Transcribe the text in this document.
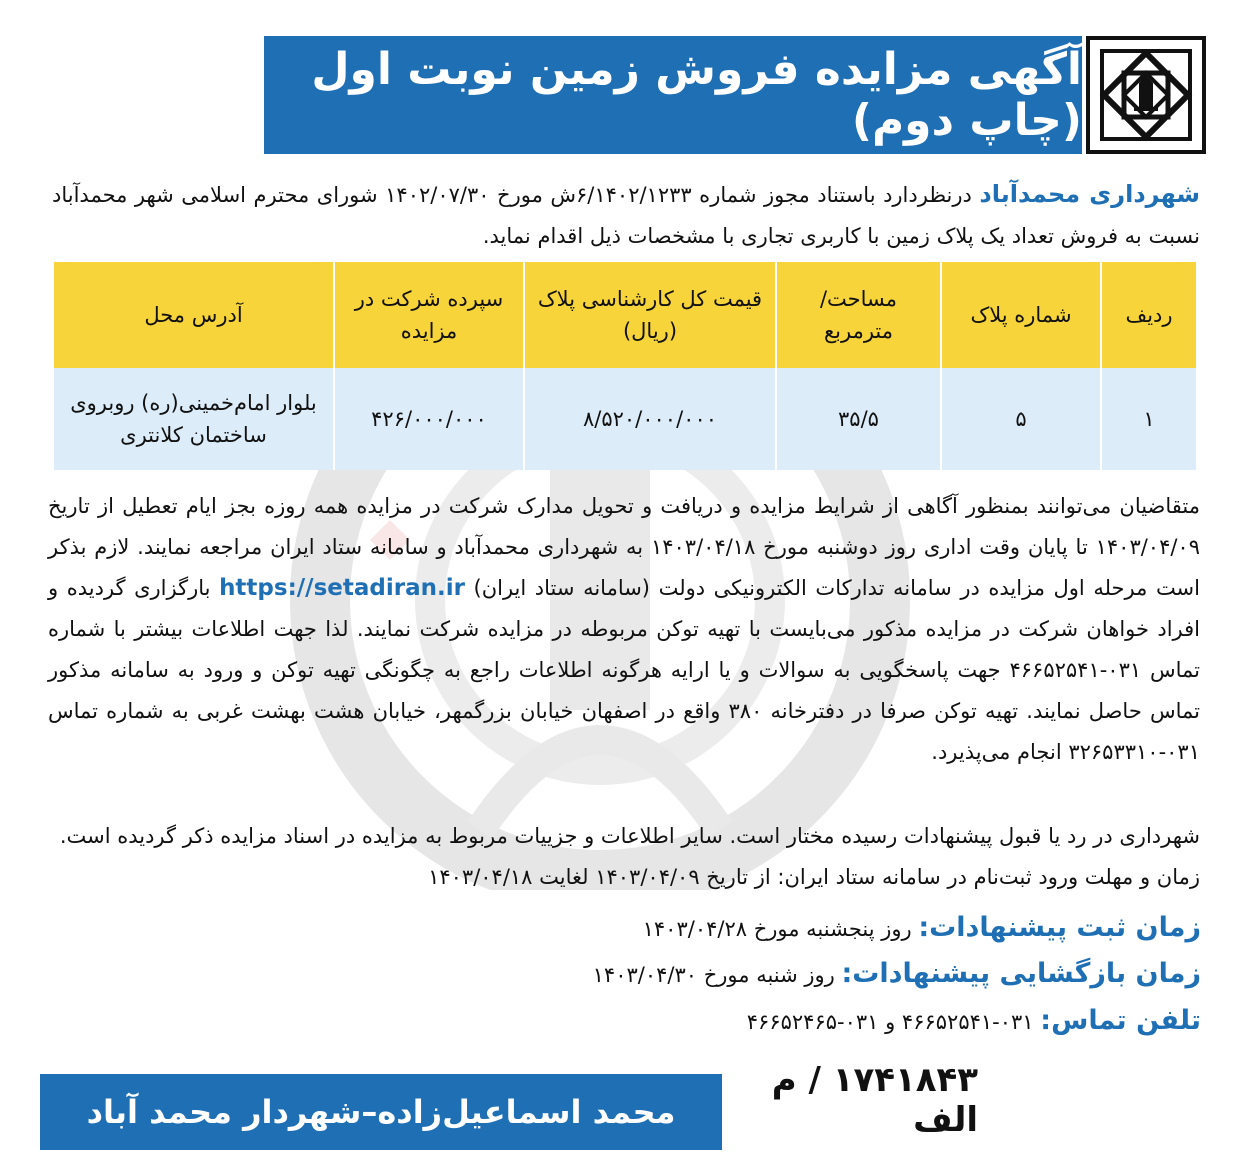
آگهی مزایده فروش زمین نوبت اول (چاپ دوم)
شهرداری محمدآباد درنظردارد باستناد مجوز شماره ۶/۱۴۰۲/۱۲۳۳ش مورخ ۱۴۰۲/۰۷/۳۰ شورای محترم اسلامی شهر محمدآباد نسبت به فروش تعداد یک پلاک زمین با کاربری تجاری با مشخصات ذیل اقدام نماید.
ردیف	شماره پلاک	مساحت/ مترمربع	قیمت کل کارشناسی پلاک (ریال)	سپرده شرکت در مزایده	آدرس محل
۱	۵	۳۵/۵	۸/۵۲۰/۰۰۰/۰۰۰	۴۲۶/۰۰۰/۰۰۰	بلوار امام‌خمینی(ره) روبروی ساختمان کلانتری

متقاضیان می‌توانند بمنظور آگاهی از شرایط مزایده و دریافت و تحویل مدارک شرکت در مزایده همه روزه بجز ایام تعطیل از تاریخ ۱۴۰۳/۰۴/۰۹ تا پایان وقت اداری روز دوشنبه مورخ ۱۴۰۳/۰۴/۱۸ به شهرداری محمدآباد و سامانه ستاد ایران مراجعه نمایند. لازم بذکر است مرحله اول مزایده در سامانه تدارکات الکترونیکی دولت (سامانه ستاد ایران) https://setadiran.ir بارگزاری گردیده و افراد خواهان شرکت در مزایده مذکور می‌بایست با تهیه توکن مربوطه در مزایده شرکت نمایند. لذا جهت اطلاعات بیشتر با شماره تماس ۰۳۱-۴۶۶۵۲۵۴۱ جهت پاسخگویی به سوالات و یا ارایه هرگونه اطلاعات راجع به چگونگی تهیه توکن و ورود به سامانه مذکور تماس حاصل نمایند. تهیه توکن صرفا در دفترخانه ۳۸۰ واقع در اصفهان خیابان بزرگمهر، خیابان هشت بهشت غربی به شماره تماس ۰۳۱-۳۲۶۵۳۳۱۰ انجام می‌پذیرد.

شهرداری در رد یا قبول پیشنهادات رسیده مختار است. سایر اطلاعات و جزییات مربوط به مزایده در اسناد مزایده ذکر گردیده است.

زمان و مهلت ورود ثبت‌نام در سامانه ستاد ایران: از تاریخ ۱۴۰۳/۰۴/۰۹ لغایت ۱۴۰۳/۰۴/۱۸

زمان ثبت پیشنهادات: روز پنجشنبه مورخ ۱۴۰۳/۰۴/۲۸
زمان بازگشایی پیشنهادات: روز شنبه مورخ ۱۴۰۳/۰۴/۳۰
تلفن تماس: ۰۳۱-۴۶۶۵۲۵۴۱ و ۰۳۱-۴۶۶۵۲۴۶۵
محمد اسماعیل‌زاده–شهردار محمد آباد
۱۷۴۱۸۴۳ / م الف
